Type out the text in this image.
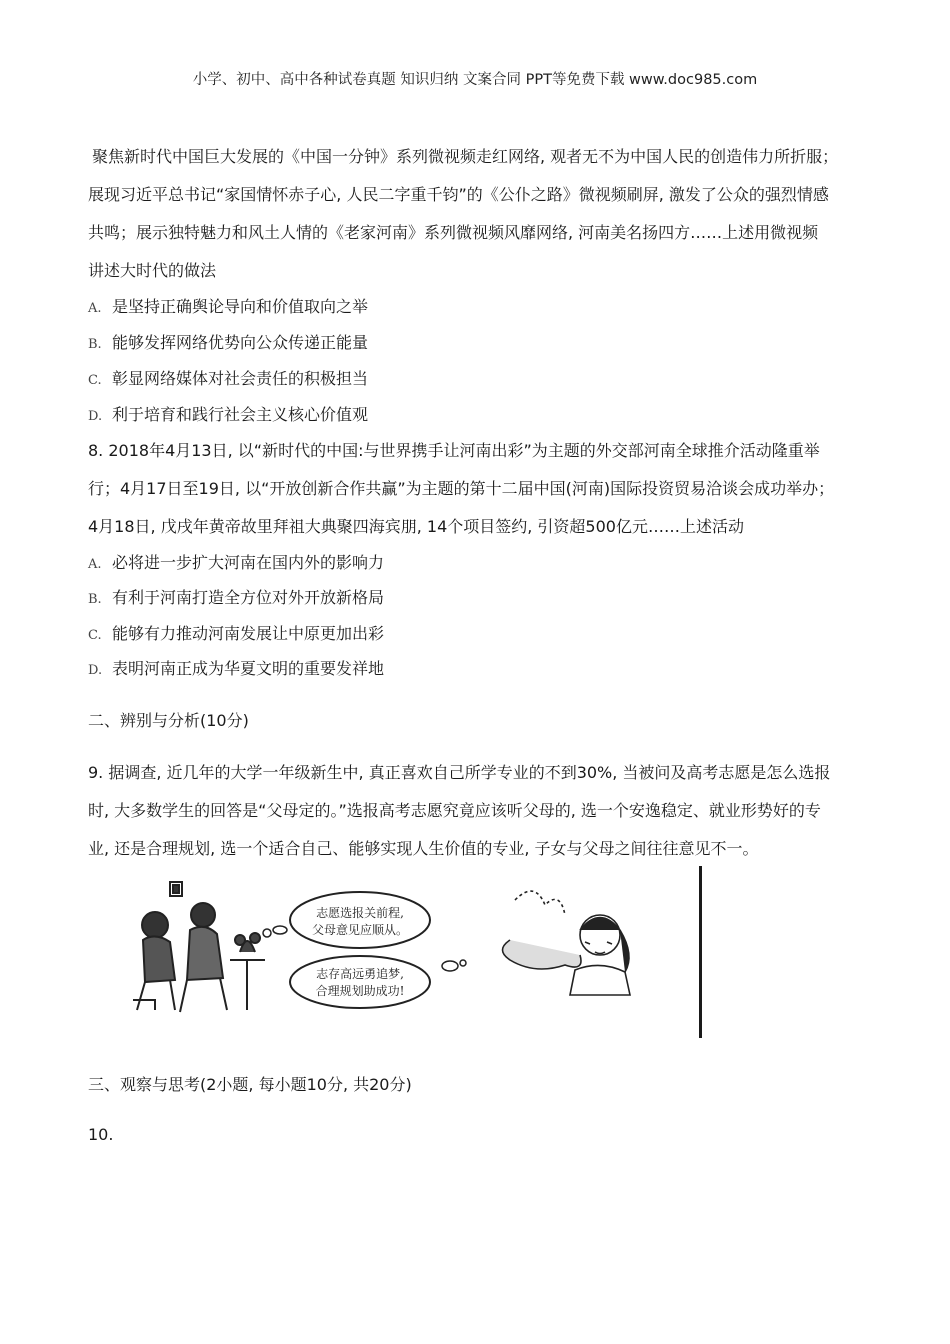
小学、初中、高中各种试卷真题 知识归纳 文案合同 PPT等免费下载 www.doc985.com
聚焦新时代中国巨大发展的《中国一分钟》系列微视频走红网络, 观者无不为中国人民的创造伟力所折服；
展现习近平总书记“家国情怀赤子心, 人民二字重千钧”的《公仆之路》微视频刷屏, 激发了公众的强烈情感
共鸣；展示独特魅力和风土人情的《老家河南》系列微视频风靡网络, 河南美名扬四方……上述用微视频
讲述大时代的做法
A. 是坚持正确舆论导向和价值取向之举
B. 能够发挥网络优势向公众传递正能量
C. 彰显网络媒体对社会责任的积极担当
D. 利于培育和践行社会主义核心价值观
8. 2018年4月13日, 以“新时代的中国:与世界携手让河南出彩”为主题的外交部河南全球推介活动隆重举
行；4月17日至19日, 以“开放创新合作共赢”为主题的第十二届中国(河南)国际投资贸易洽谈会成功举办；
4月18日, 戊戌年黄帝故里拜祖大典聚四海宾朋, 14个项目签约, 引资超500亿元……上述活动
A. 必将进一步扩大河南在国内外的影响力
B. 有利于河南打造全方位对外开放新格局
C. 能够有力推动河南发展让中原更加出彩
D. 表明河南正成为华夏文明的重要发祥地
二、辨别与分析(10分)
9. 据调查, 近几年的大学一年级新生中, 真正喜欢自己所学专业的不到30%, 当被问及高考志愿是怎么选报
时, 大多数学生的回答是“父母定的。”选报高考志愿究竟应该听父母的, 选一个安逸稳定、就业形势好的专
业, 还是合理规划, 选一个适合自己、能够实现人生价值的专业, 子女与父母之间往往意见不一。
志愿选报关前程,
父母意见应顺从。
志存高远勇追梦,
合理规划助成功!
三、观察与思考(2小题, 每小题10分, 共20分)
10.
